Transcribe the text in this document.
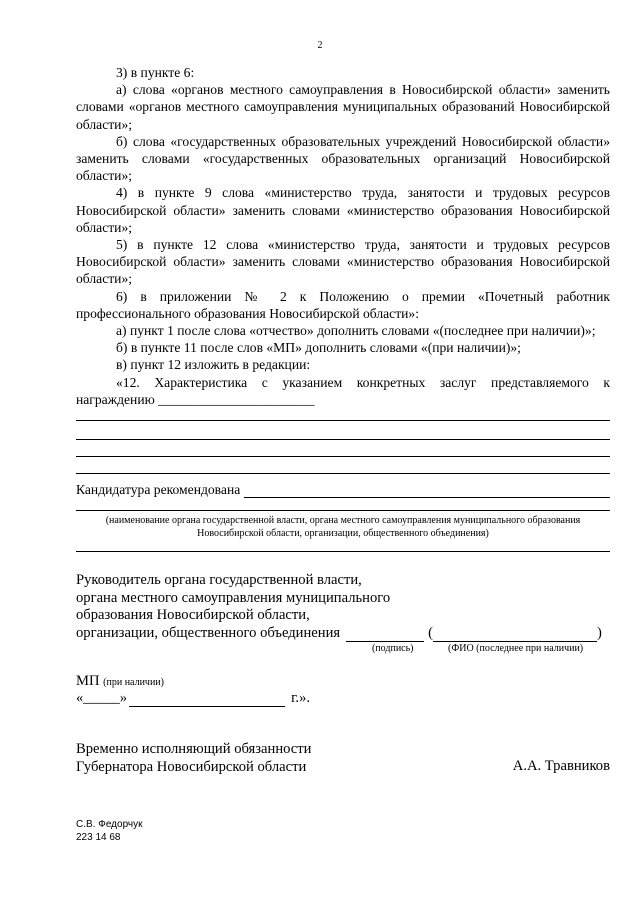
2

3) в пункте 6:

а) слова «органов местного самоуправления в Новосибирской области» заменить словами «органов местного самоуправления муниципальных образований Новосибирской области»;

б) слова «государственных образовательных учреждений Новосибирской области» заменить словами «государственных образовательных организаций Новосибирской области»;

4) в пункте 9 слова «министерство труда, занятости и трудовых ресурсов Новосибирской области» заменить словами «министерство образования Новосибирской области»;

5) в пункте 12 слова «министерство труда, занятости и трудовых ресурсов Новосибирской области» заменить словами «министерство образования Новосибирской области»;

6) в приложении № 2 к Положению о премии «Почетный работник профессионального образования Новосибирской области»:

а) пункт 1 после слова «отчество» дополнить словами «(последнее при наличии)»;

б) в пункте 11 после слов «МП» дополнить словами «(при наличии)»;

в) пункт 12 изложить в редакции:

«12. Характеристика с указанием конкретных заслуг представляемого к награждению _______________________

Кандидатура рекомендована
(наименование органа государственной власти, органа местного самоуправления муниципального образования Новосибирской области, организации, общественного объединения)
Руководитель органа государственной власти,
органа местного самоуправления муниципального
образования Новосибирской области,
организации, общественного объединения	(	)
(подпись)	(ФИО (последнее при наличии)
МП (при наличии)
« _____ »	г.».
Временно исполняющий обязанности
Губернатора Новосибирской области	А.А. Травников
С.В. Федорчук
223 14 68
